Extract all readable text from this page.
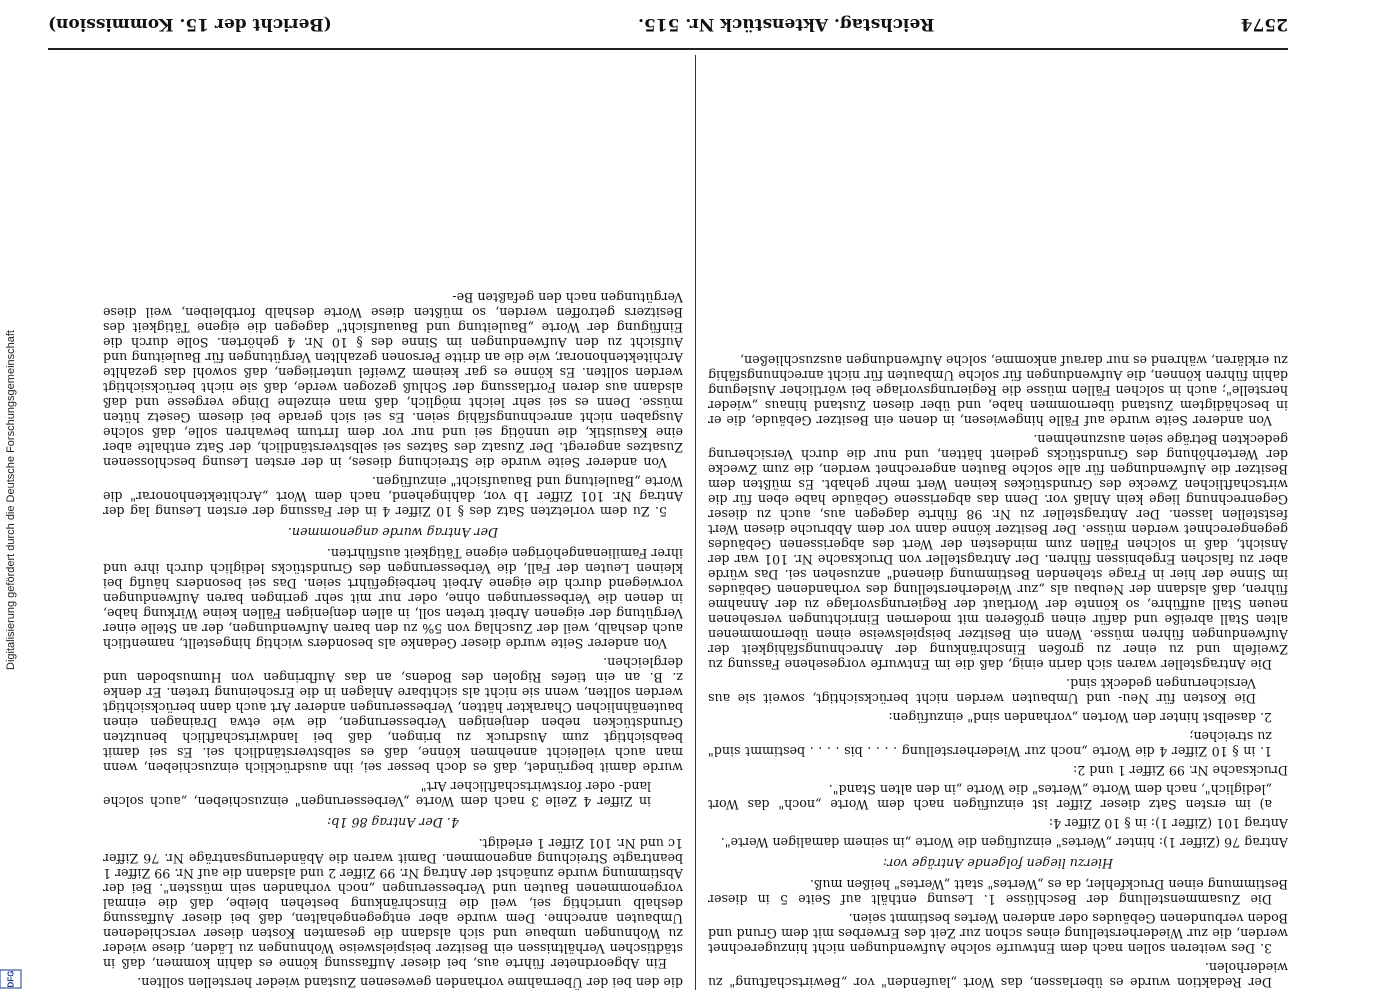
Digitalisierung gefördert durch die Deutsche Forschungsgemeinschaft
DFG
2574
Reichstag. Aktenstück Nr. 515.
(Bericht der 15. Kommission)

Der Redaktion wurde es überlassen, das Wort „laufenden" vor „Bewirtschaftung" zu wiederholen.

3. Des weiteren sollen nach dem Entwurfe solche Aufwendungen nicht hinzugerechnet werden, die zur Wiederherstellung eines schon zur Zeit des Erwerbes mit dem Grund und Boden verbundenen Gebäudes oder anderen Wertes bestimmt seien.

Die Zusammenstellung der Beschlüsse 1. Lesung enthält auf Seite 5 in dieser Bestimmung einen Druckfehler, da es „Wertes" statt „Wertes" heißen muß.

Hierzu liegen folgende Anträge vor:

Antrag 76 (Ziffer 1): hinter „Wertes" einzufügen die Worte „in seinem damaligen Werte".

Antrag 101 (Ziffer 1): in § 10 Ziffer 4:

a) im ersten Satz dieser Ziffer ist einzufügen nach dem Worte „noch" das Wort „lediglich", nach dem Worte „Wertes" die Worte „in den alten Stand".

Drucksache Nr. 99 Ziffer 1 und 2:

1. in § 10 Ziffer 4 die Worte „noch zur Wiederherstellung . . . . bis . . . . bestimmt sind" zu streichen;

2. daselbst hinter den Worten „vorhanden sind" einzufügen:

Die Kosten für Neu- und Umbauten werden nicht berücksichtigt, soweit sie aus Versicherungen gedeckt sind.

Die Antragsteller waren sich darin einig, daß die im Entwurfe vorgesehene Fassung zu Zweifeln und zu einer zu großen Einschränkung der Anrechnungsfähigkeit der Aufwendungen führen müsse. Wenn ein Besitzer beispielsweise einen übernommenen alten Stall abreiße und dafür einen größeren mit modernen Einrichtungen versehenen neuen Stall aufführe, so könnte der Wortlaut der Regierungsvorlage zu der Annahme führen, daß alsdann der Neubau als „zur Wiederherstellung des vorhandenen Gebäudes im Sinne der hier in Frage stehenden Bestimmung dienend" anzusehen sei. Das würde aber zu falschen Ergebnissen führen. Der Antragsteller von Drucksache Nr. 101 war der Ansicht, daß in solchen Fällen zum mindesten der Wert des abgerissenen Gebäudes gegengerechnet werden müsse. Der Besitzer könne dann vor dem Abbruche diesen Wert feststellen lassen. Der Antragsteller zu Nr. 98 führte dagegen aus, auch zu dieser Gegenrechnung liege kein Anlaß vor. Denn das abgerissene Gebäude habe eben für die wirtschaftlichen Zwecke des Grundstückes keinen Wert mehr gehabt. Es müßten dem Besitzer die Aufwendungen für alle solche Bauten angerechnet werden, die zum Zwecke der Werterhöhung des Grundstücks gedient hätten, und nur die durch Versicherung gedeckten Beträge seien auszunehmen.

Von anderer Seite wurde auf Fälle hingewiesen, in denen ein Besitzer Gebäude, die er in beschädigtem Zustand übernommen habe, und über diesen Zustand hinaus „wieder herstelle"; auch in solchen Fällen müsse die Regierungsvorlage bei wörtlicher Auslegung dahin führen können, die Aufwendungen für solche Umbauten für nicht anrechnungsfähig zu erklären, während es nur darauf ankomme, solche Aufwendungen auszuschließen,

die den bei der Übernahme vorhanden gewesenen Zustand wieder herstellen sollten.

Ein Abgeordneter führte aus, bei dieser Auffassung könne es dahin kommen, daß in städtischen Verhältnissen ein Besitzer beispielsweise Wohnungen zu Läden, diese wieder zu Wohnungen umbaue und sich alsdann die gesamten Kosten dieser verschiedenen Umbauten anrechne. Dem wurde aber entgegengehalten, daß bei dieser Auffassung deshalb unrichtig sei, weil die Einschränkung bestehen bleibe, daß die einmal vorgenommenen Bauten und Verbesserungen „noch vorhanden sein müssten". Bei der Abstimmung wurde zunächst der Antrag Nr. 99 Ziffer 2 und alsdann die auf Nr. 99 Ziffer 1 beantragte Streichung angenommen. Damit waren die Abänderungsanträge Nr. 76 Ziffer 1c und Nr. 101 Ziffer 1 erledigt.

4. Der Antrag 86 1b:

in Ziffer 4 Zeile 3 nach dem Worte „Verbesserungen" einzuschieben, „auch solche land- oder forstwirtschaftlicher Art"

wurde damit begründet, daß es doch besser sei, ihn ausdrücklich einzuschieben, wenn man auch vielleicht annehmen könne, daß es selbstverständlich sei. Es sei damit beabsichtigt zum Ausdruck zu bringen, daß bei landwirtschaftlich benutzten Grundstücken neben denjenigen Verbesserungen, die wie etwa Drainagen einen bautenähnlichen Charakter hätten, Verbesserungen anderer Art auch dann berücksichtigt werden sollten, wenn sie nicht als sichtbare Anlagen in die Erscheinung treten. Er denke z. B. an ein tiefes Rigolen des Bodens, an das Aufbringen von Humusboden und dergleichen.

Von anderer Seite wurde dieser Gedanke als besonders wichtig hingestellt, namentlich auch deshalb, weil der Zuschlag von 5% zu den baren Aufwendungen, der an Stelle einer Vergütung der eigenen Arbeit treten soll, in allen denjenigen Fällen keine Wirkung habe, in denen die Verbesserungen ohne, oder nur mit sehr geringen baren Aufwendungen vorwiegend durch die eigene Arbeit herbeigeführt seien. Das sei besonders häufig bei kleinen Leuten der Fall, die Verbesserungen des Grundstücks lediglich durch ihre und ihrer Familienangehörigen eigene Tätigkeit ausführten.

Der Antrag wurde angenommen.

5. Zu dem vorletzten Satz des § 10 Ziffer 4 in der Fassung der ersten Lesung lag der Antrag Nr. 101 Ziffer 1b vor, dahingehend, nach dem Wort „Architektenhonorar" die Worte „Bauleitung und Bauaufsicht" einzufügen.

Von anderer Seite wurde die Streichung dieses, in der ersten Lesung beschlossenen Zusatzes angeregt. Der Zusatz des Satzes sei selbstverständlich, der Satz enthalte aber eine Kasuistik, die unnötig sei und nur vor dem Irrtum bewahren solle, daß solche Ausgaben nicht anrechnungsfähig seien. Es sei sich gerade bei diesem Gesetz hüten müsse. Denn es sei sehr leicht möglich, daß man einzelne Dinge vergesse und daß alsdann aus deren Fortlassung der Schluß gezogen werde, daß sie nicht berücksichtigt werden sollten. Es könne es gar keinem Zweifel unterliegen, daß sowohl das gezahlte Architektenhonorar, wie die an dritte Personen gezahlten Vergütungen für Bauleitung und Aufsicht zu den Aufwendungen im Sinne des § 10 Nr. 4 gehörten. Solle durch die Einfügung der Worte „Bauleitung und Bauaufsicht" dagegen die eigene Tätigkeit des Besitzers getroffen werden, so müßten diese Worte deshalb fortbleiben, weil diese Vergütungen nach den gefaßten Be-
